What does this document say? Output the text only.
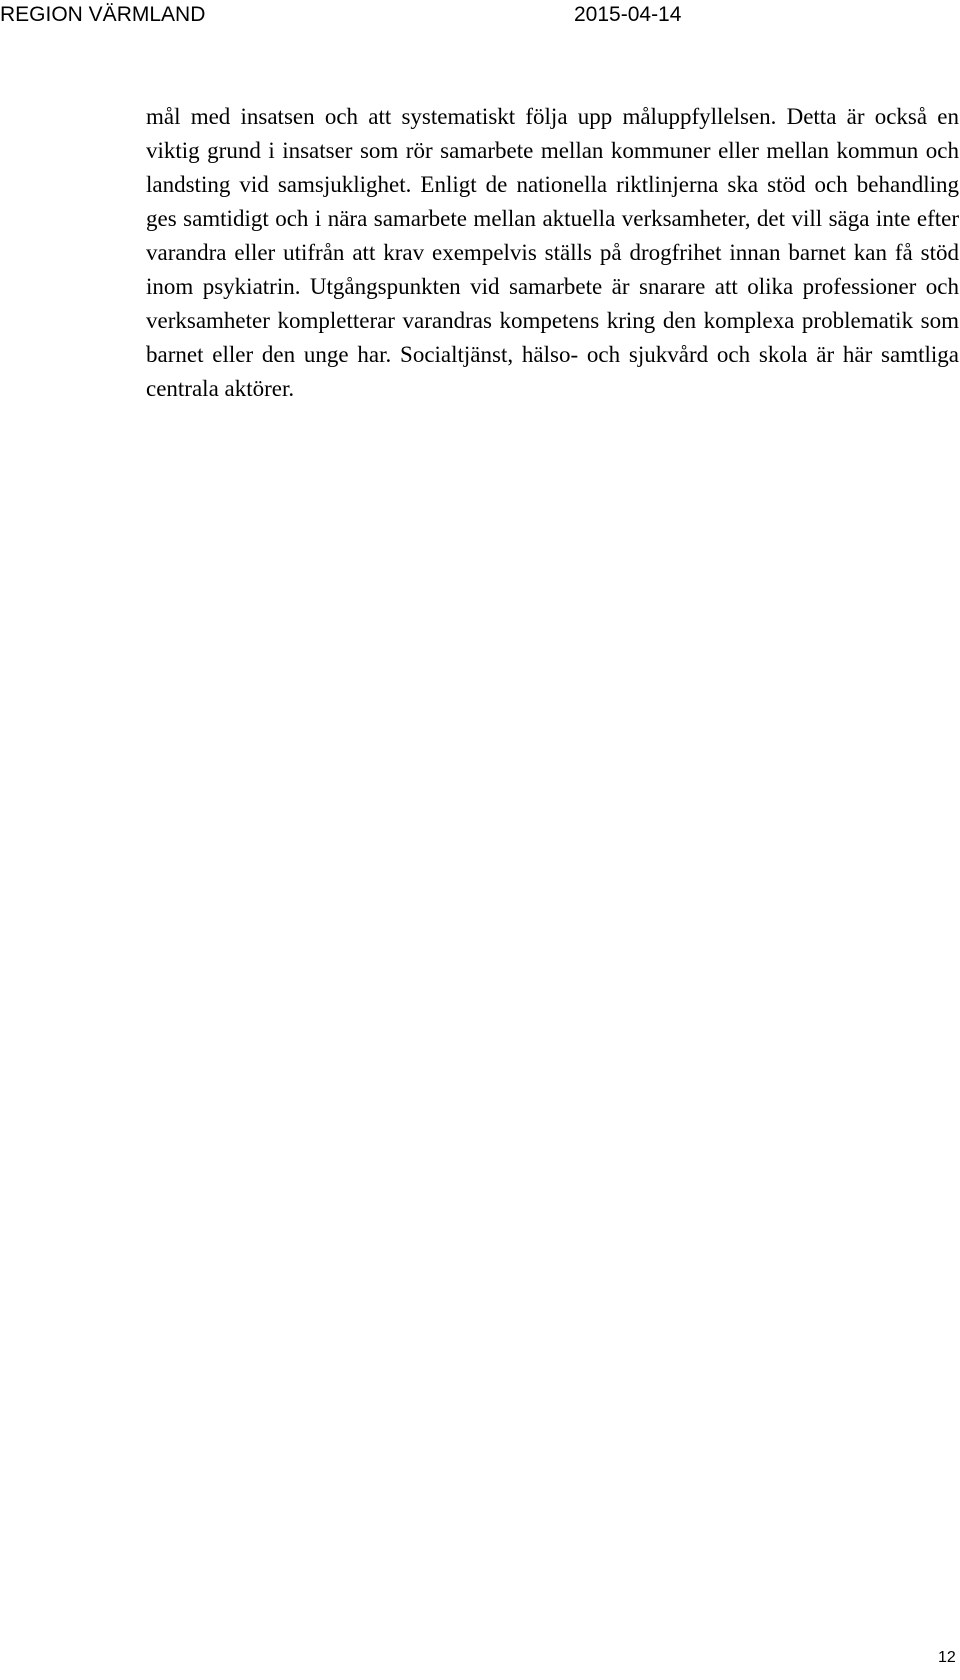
REGION VÄRMLAND	2015-04-14

mål med insatsen och att systematiskt följa upp måluppfyllelsen. Detta är också en viktig grund i insatser som rör samarbete mellan kommuner eller mellan kommun och landsting vid samsjuklighet. Enligt de nationella riktlinjerna ska stöd och behandling ges samtidigt och i nära samarbete mellan aktuella verksamheter, det vill säga inte efter varandra eller utifrån att krav exempelvis ställs på drogfrihet innan barnet kan få stöd inom psykiatrin. Utgångspunkten vid samarbete är snarare att olika professioner och verksamheter kompletterar varandras kompetens kring den komplexa problematik som barnet eller den unge har. Socialtjänst, hälso- och sjukvård och skola är här samtliga centrala aktörer.

12
